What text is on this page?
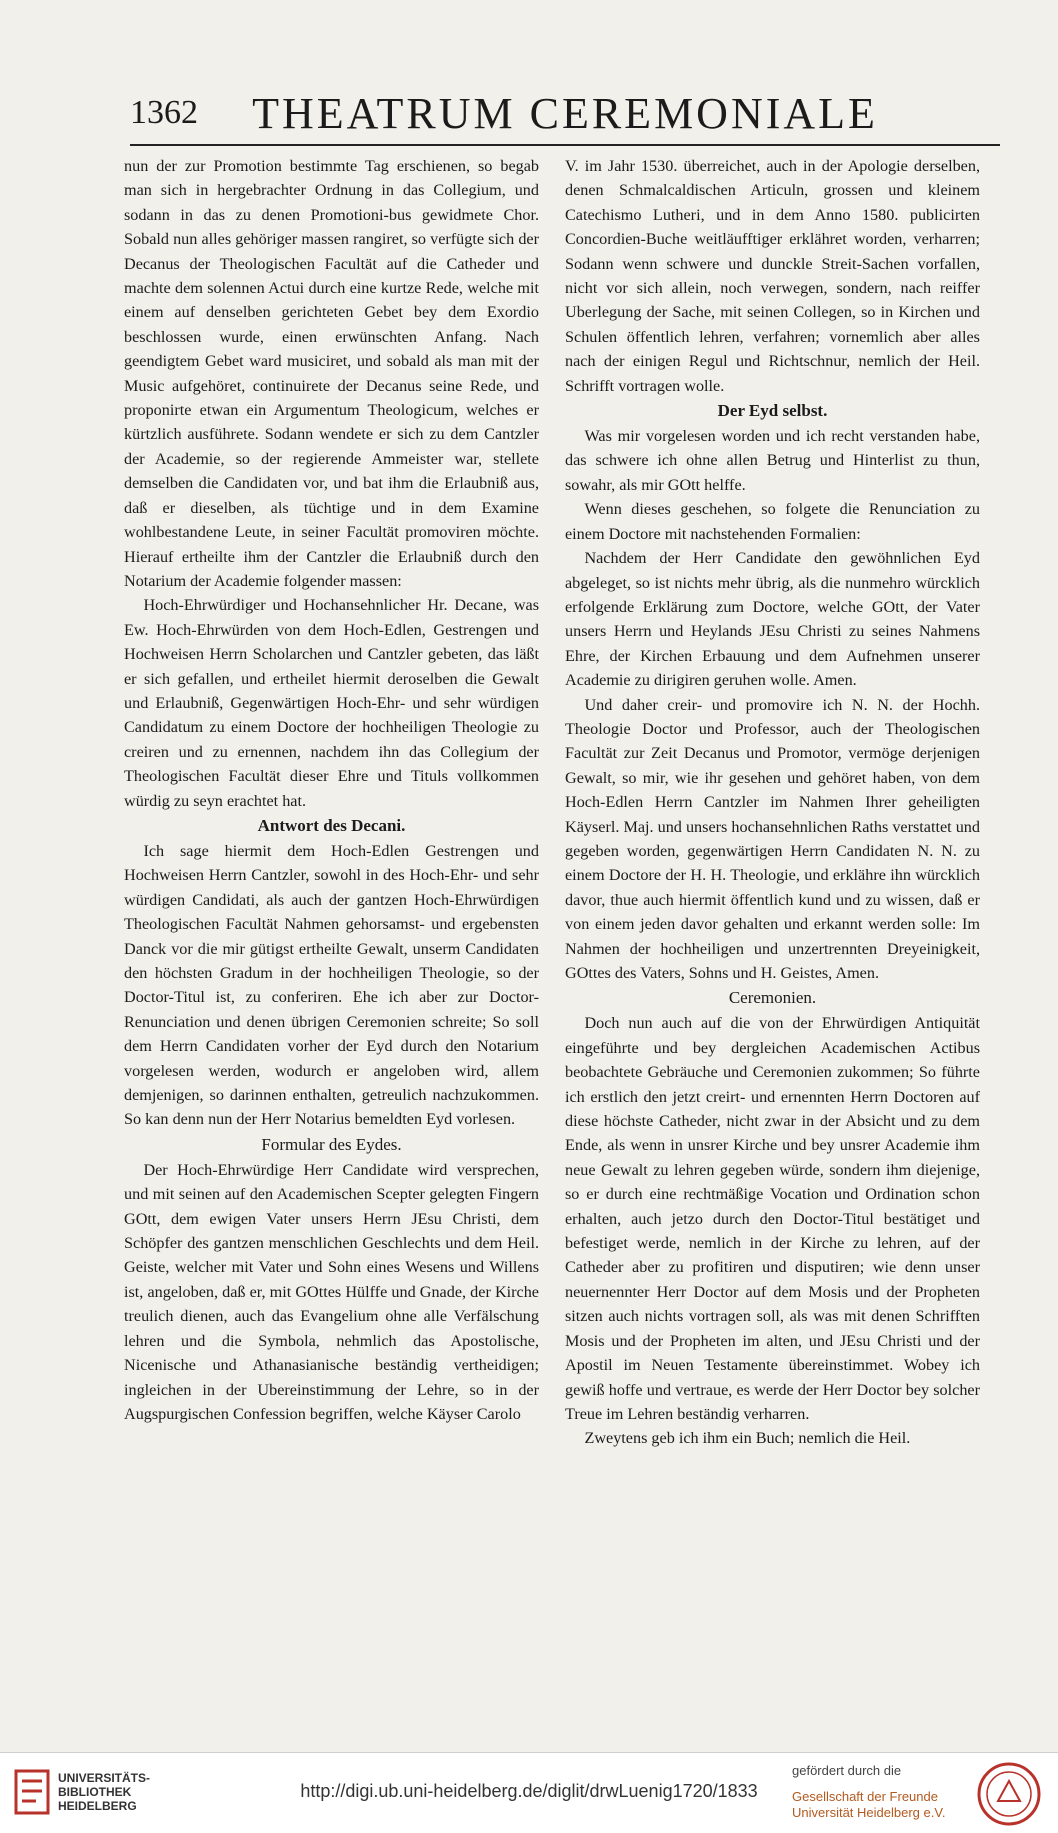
1362	THEATRUM CEREMONIALE

nun der zur Promotion bestimmte Tag erschienen, so begab man sich in hergebrachter Ordnung in das Collegium, und sodann in das zu denen Promotioni-bus gewidmete Chor. Sobald nun alles gehöriger massen rangiret, so verfügte sich der Decanus der Theologischen Facultät auf die Catheder und machte dem solennen Actui durch eine kurtze Rede, welche mit einem auf denselben gerichteten Gebet bey dem Exordio beschlossen wurde, einen erwünschten Anfang. Nach geendigtem Gebet ward musiciret, und sobald als man mit der Music aufgehöret, continuirete der Decanus seine Rede, und proponirte etwan ein Argumentum Theologicum, welches er kürtzlich ausführete. Sodann wendete er sich zu dem Cantzler der Academie, so der regierende Ammeister war, stellete demselben die Candidaten vor, und bat ihm die Erlaubniß aus, daß er dieselben, als tüchtige und in dem Examine wohlbestandene Leute, in seiner Facultät promoviren möchte. Hierauf ertheilte ihm der Cantzler die Erlaubniß durch den Notarium der Academie folgender massen:

Hoch-Ehrwürdiger und Hochansehnlicher Hr. Decane, was Ew. Hoch-Ehrwürden von dem Hoch-Edlen, Gestrengen und Hochweisen Herrn Scholarchen und Cantzler gebeten, das läßt er sich gefallen, und ertheilet hiermit deroselben die Gewalt und Erlaubniß, Gegenwärtigen Hoch-Ehr- und sehr würdigen Candidatum zu einem Doctore der hochheiligen Theologie zu creiren und zu ernennen, nachdem ihn das Collegium der Theologischen Facultät dieser Ehre und Tituls vollkommen würdig zu seyn erachtet hat.

Antwort des Decani.

Ich sage hiermit dem Hoch-Edlen Gestrengen und Hochweisen Herrn Cantzler, sowohl in des Hoch-Ehr- und sehr würdigen Candidati, als auch der gantzen Hoch-Ehrwürdigen Theologischen Facultät Nahmen gehorsamst- und ergebensten Danck vor die mir gütigst ertheilte Gewalt, unserm Candidaten den höchsten Gradum in der hochheiligen Theologie, so der Doctor-Titul ist, zu conferiren. Ehe ich aber zur Doctor-Renunciation und denen übrigen Ceremonien schreite; So soll dem Herrn Candidaten vorher der Eyd durch den Notarium vorgelesen werden, wodurch er angeloben wird, allem demjenigen, so darinnen enthalten, getreulich nachzukommen. So kan denn nun der Herr Notarius bemeldten Eyd vorlesen.

Formular des Eydes.

Der Hoch-Ehrwürdige Herr Candidate wird versprechen, und mit seinen auf den Academischen Scepter gelegten Fingern GOtt, dem ewigen Vater unsers Herrn JEsu Christi, dem Schöpfer des gantzen menschlichen Geschlechts und dem Heil. Geiste, welcher mit Vater und Sohn eines Wesens und Willens ist, angeloben, daß er, mit GOttes Hülffe und Gnade, der Kirche treulich dienen, auch das Evangelium ohne alle Verfälschung lehren und die Symbola, nehmlich das Apostolische, Nicenische und Athanasianische beständig vertheidigen; ingleichen in der Ubereinstimmung der Lehre, so in der Augspurgischen Confession begriffen, welche Käyser Carolo

V. im Jahr 1530. überreichet, auch in der Apologie derselben, denen Schmalcaldischen Articuln, grossen und kleinem Catechismo Lutheri, und in dem Anno 1580. publicirten Concordien-Buche weitläufftiger erklähret worden, verharren; Sodann wenn schwere und dunckle Streit-Sachen vorfallen, nicht vor sich allein, noch verwegen, sondern, nach reiffer Uberlegung der Sache, mit seinen Collegen, so in Kirchen und Schulen öffentlich lehren, verfahren; vornemlich aber alles nach der einigen Regul und Richtschnur, nemlich der Heil. Schrifft vortragen wolle.

Der Eyd selbst.

Was mir vorgelesen worden und ich recht verstanden habe, das schwere ich ohne allen Betrug und Hinterlist zu thun, sowahr, als mir GOtt helffe.

Wenn dieses geschehen, so folgete die Renunciation zu einem Doctore mit nachstehenden Formalien:

Nachdem der Herr Candidate den gewöhnlichen Eyd abgeleget, so ist nichts mehr übrig, als die nunmehro würcklich erfolgende Erklärung zum Doctore, welche GOtt, der Vater unsers Herrn und Heylands JEsu Christi zu seines Nahmens Ehre, der Kirchen Erbauung und dem Aufnehmen unserer Academie zu dirigiren geruhen wolle. Amen.

Und daher creir- und promovire ich N. N. der Hochh. Theologie Doctor und Professor, auch der Theologischen Facultät zur Zeit Decanus und Promotor, vermöge derjenigen Gewalt, so mir, wie ihr gesehen und gehöret haben, von dem Hoch-Edlen Herrn Cantzler im Nahmen Ihrer geheiligten Käyserl. Maj. und unsers hochansehnlichen Raths verstattet und gegeben worden, gegenwärtigen Herrn Candidaten N. N. zu einem Doctore der H. H. Theologie, und erklähre ihn würcklich davor, thue auch hiermit öffentlich kund und zu wissen, daß er von einem jeden davor gehalten und erkannt werden solle: Im Nahmen der hochheiligen und unzertrennten Dreyeinigkeit, GOttes des Vaters, Sohns und H. Geistes, Amen.

Ceremonien.

Doch nun auch auf die von der Ehrwürdigen Antiquität eingeführte und bey dergleichen Academischen Actibus beobachtete Gebräuche und Ceremonien zukommen; So führte ich erstlich den jetzt creirt- und ernennten Herrn Doctoren auf diese höchste Catheder, nicht zwar in der Absicht und zu dem Ende, als wenn in unsrer Kirche und bey unsrer Academie ihm neue Gewalt zu lehren gegeben würde, sondern ihm diejenige, so er durch eine rechtmäßige Vocation und Ordination schon erhalten, auch jetzo durch den Doctor-Titul bestätiget und befestiget werde, nemlich in der Kirche zu lehren, auf der Catheder aber zu profitiren und disputiren; wie denn unser neuernennter Herr Doctor auf dem Mosis und der Propheten sitzen auch nichts vortragen soll, als was mit denen Schrifften Mosis und der Propheten im alten, und JEsu Christi und der Apostil im Neuen Testamente übereinstimmet. Wobey ich gewiß hoffe und vertraue, es werde der Herr Doctor bey solcher Treue im Lehren beständig verharren.

Zweytens geb ich ihm ein Buch; nemlich die Heil.

UNIVERSITÄTS-
BIBLIOTHEK
HEIDELBERG
http://digi.ub.uni-heidelberg.de/diglit/drwLuenig1720/1833
gefördert durch die
Gesellschaft der Freunde
Universität Heidelberg e.V.
